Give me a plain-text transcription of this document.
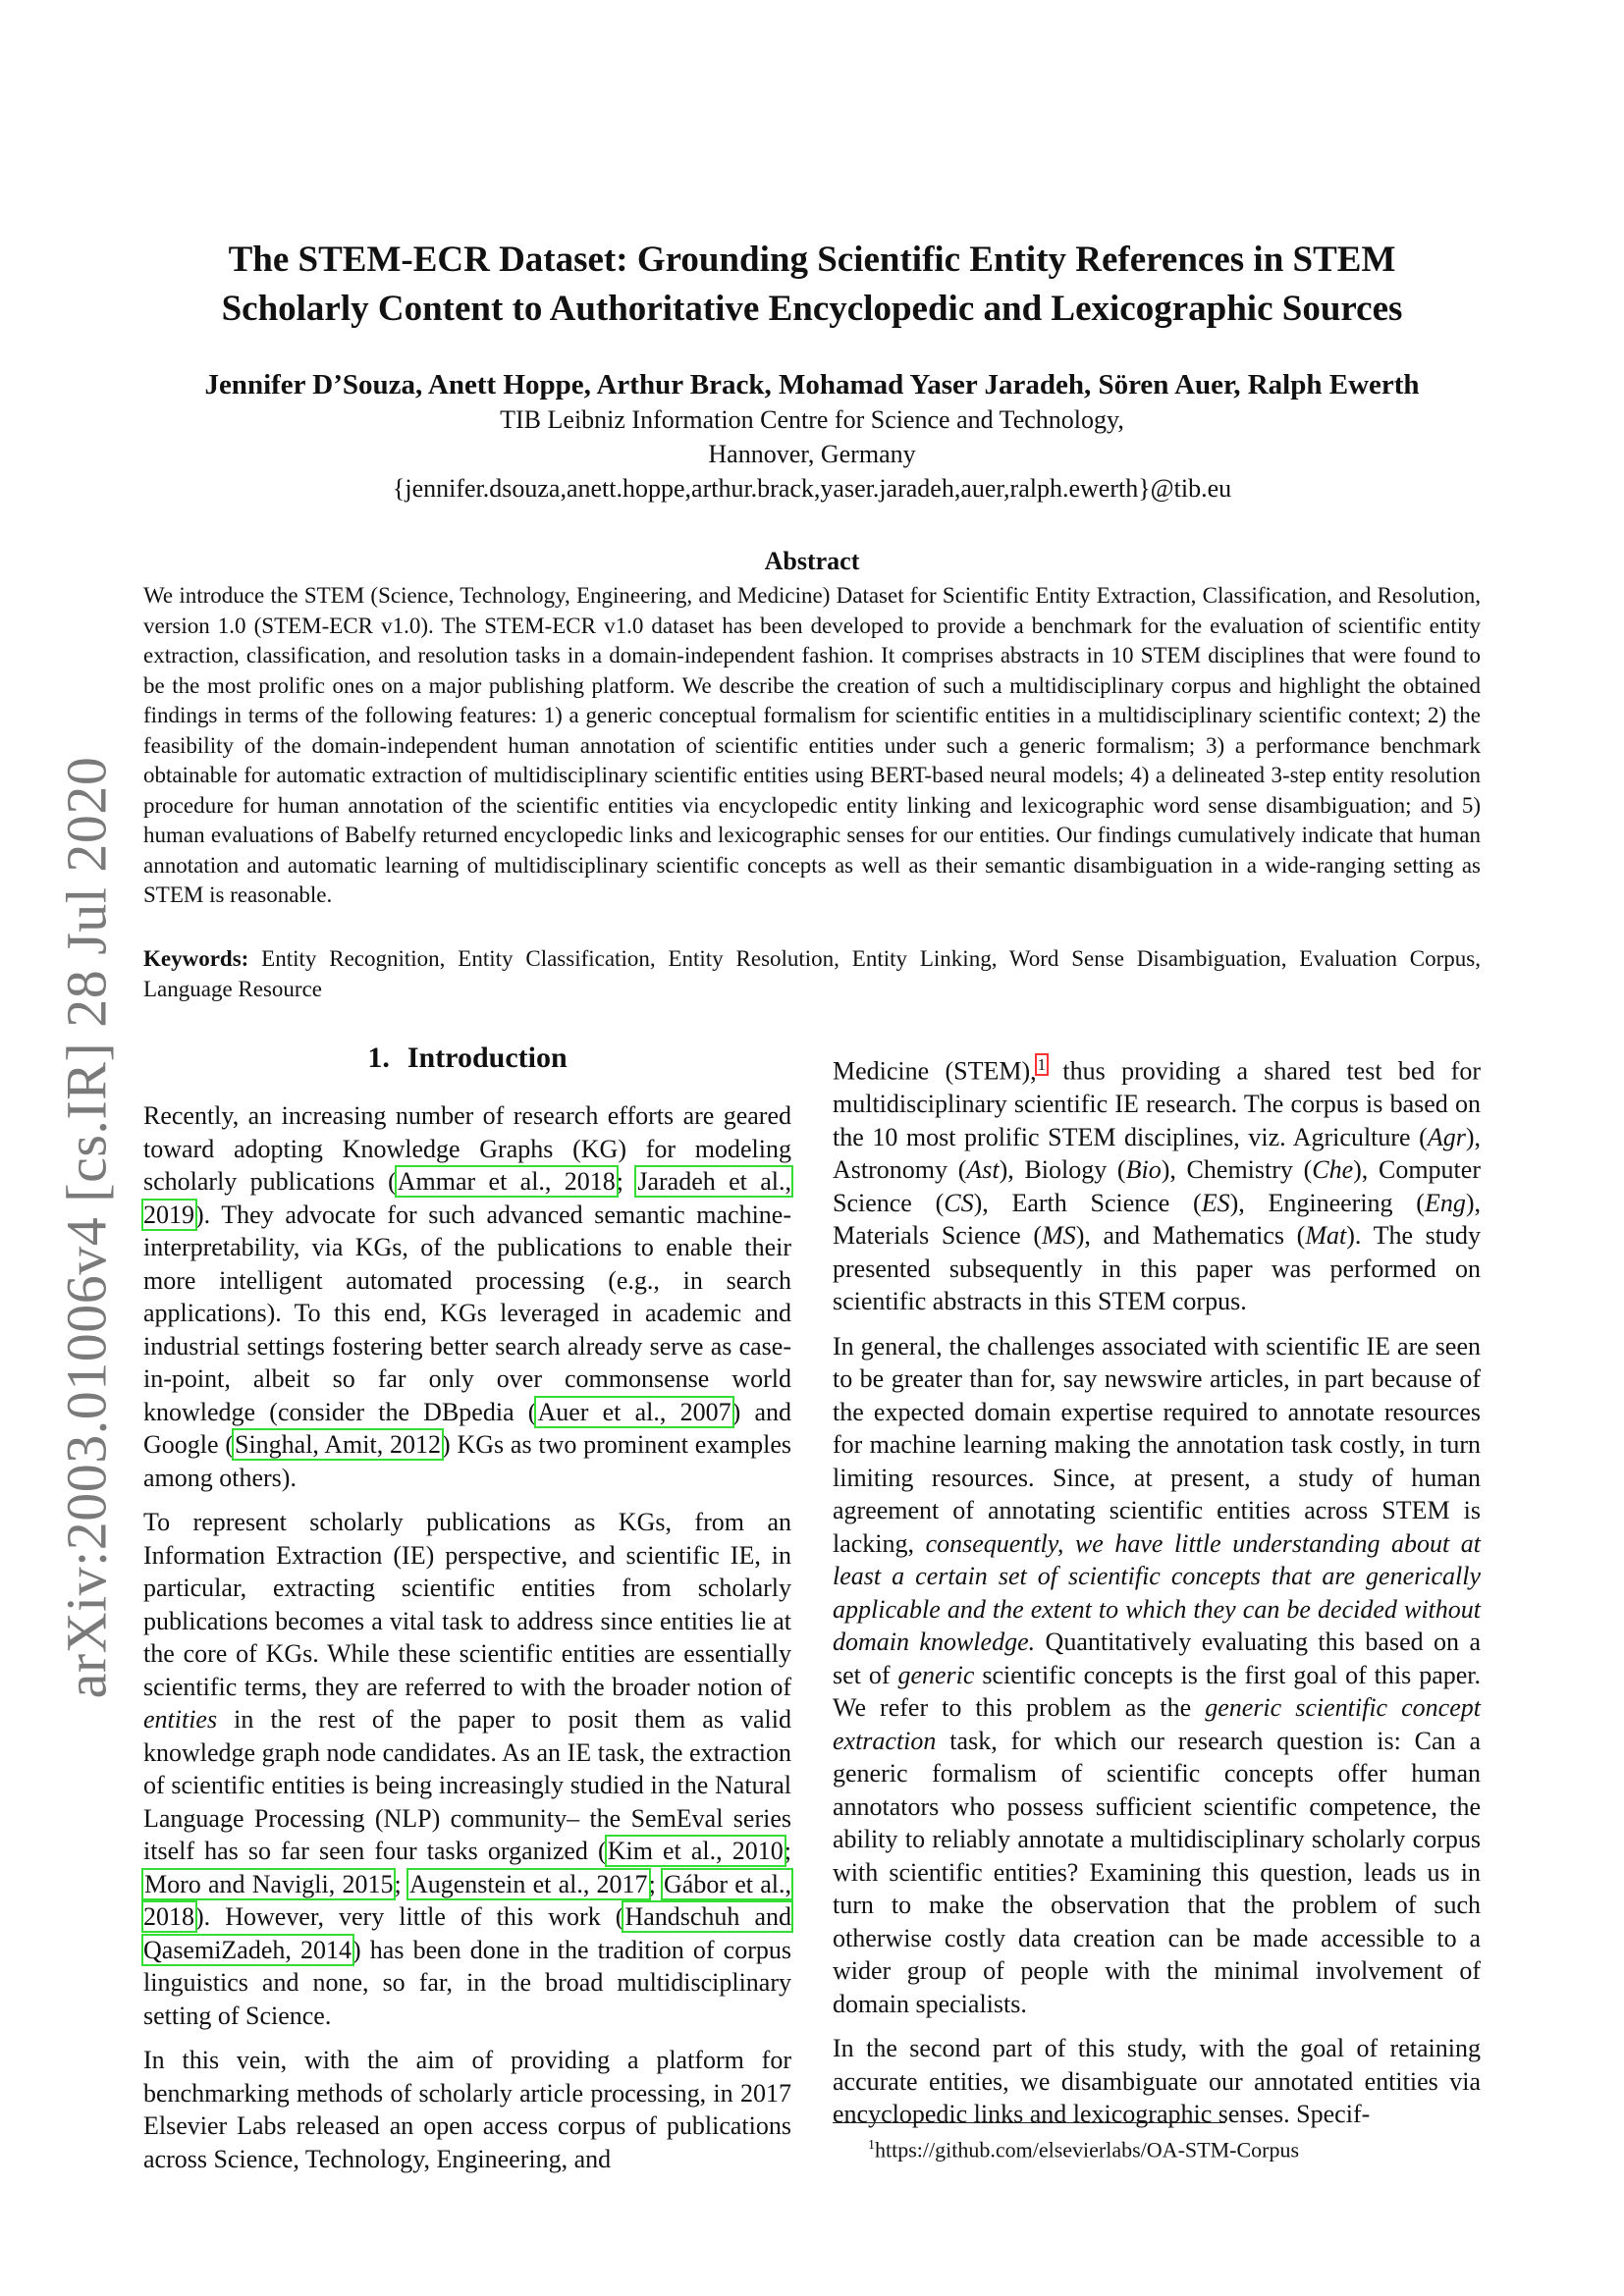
arXiv:2003.01006v4 [cs.IR] 28 Jul 2020
The STEM-ECR Dataset: Grounding Scientific Entity References in STEM
Scholarly Content to Authoritative Encyclopedic and Lexicographic Sources
Jennifer D’Souza, Anett Hoppe, Arthur Brack, Mohamad Yaser Jaradeh, Sören Auer, Ralph Ewerth
TIB Leibniz Information Centre for Science and Technology,
Hannover, Germany
{jennifer.dsouza,anett.hoppe,arthur.brack,yaser.jaradeh,auer,ralph.ewerth}@tib.eu
Abstract

We introduce the STEM (Science, Technology, Engineering, and Medicine) Dataset for Scientific Entity Extraction, Classification, and Resolution, version 1.0 (STEM-ECR v1.0). The STEM-ECR v1.0 dataset has been developed to provide a benchmark for the evaluation of scientific entity extraction, classification, and resolution tasks in a domain-independent fashion. It comprises abstracts in 10 STEM disciplines that were found to be the most prolific ones on a major publishing platform. We describe the creation of such a multidisciplinary corpus and highlight the obtained findings in terms of the following features: 1) a generic conceptual formalism for scientific entities in a multidisciplinary scientific context; 2) the feasibility of the domain-independent human annotation of scientific entities under such a generic formalism; 3) a performance benchmark obtainable for automatic extraction of multidisciplinary scientific entities using BERT-based neural models; 4) a delineated 3-step entity resolution procedure for human annotation of the scientific entities via encyclopedic entity linking and lexicographic word sense disambiguation; and 5) human evaluations of Babelfy returned encyclopedic links and lexicographic senses for our entities. Our findings cumulatively indicate that human annotation and automatic learning of multidisciplinary scientific concepts as well as their semantic disambiguation in a wide-ranging setting as STEM is reasonable.

Keywords: Entity Recognition, Entity Classification, Entity Resolution, Entity Linking, Word Sense Disambiguation, Evaluation Corpus, Language Resource

1. Introduction

Recently, an increasing number of research efforts are geared toward adopting Knowledge Graphs (KG) for modeling scholarly publications (Ammar et al., 2018; Jaradeh et al., 2019). They advocate for such advanced semantic machine-interpretability, via KGs, of the publications to enable their more intelligent automated processing (e.g., in search applications). To this end, KGs leveraged in academic and industrial settings fostering better search already serve as case-in-point, albeit so far only over commonsense world knowledge (consider the DBpedia (Auer et al., 2007) and Google (Singhal, Amit, 2012) KGs as two prominent examples among others).

To represent scholarly publications as KGs, from an Information Extraction (IE) perspective, and scientific IE, in particular, extracting scientific entities from scholarly publications becomes a vital task to address since entities lie at the core of KGs. While these scientific entities are essentially scientific terms, they are referred to with the broader notion of entities in the rest of the paper to posit them as valid knowledge graph node candidates. As an IE task, the extraction of scientific entities is being increasingly studied in the Natural Language Processing (NLP) community– the SemEval series itself has so far seen four tasks organized (Kim et al., 2010; Moro and Navigli, 2015; Augenstein et al., 2017; Gábor et al., 2018). However, very little of this work (Handschuh and QasemiZadeh, 2014) has been done in the tradition of corpus linguistics and none, so far, in the broad multidisciplinary setting of Science.

In this vein, with the aim of providing a platform for benchmarking methods of scholarly article processing, in 2017 Elsevier Labs released an open access corpus of publications across Science, Technology, Engineering, and

Medicine (STEM),$^1$ thus providing a shared test bed for multidisciplinary scientific IE research. The corpus is based on the 10 most prolific STEM disciplines, viz. Agriculture (Agr), Astronomy (Ast), Biology (Bio), Chemistry (Che), Computer Science (CS), Earth Science (ES), Engineering (Eng), Materials Science (MS), and Mathematics (Mat). The study presented subsequently in this paper was performed on scientific abstracts in this STEM corpus.

In general, the challenges associated with scientific IE are seen to be greater than for, say newswire articles, in part because of the expected domain expertise required to annotate resources for machine learning making the annotation task costly, in turn limiting resources. Since, at present, a study of human agreement of annotating scientific entities across STEM is lacking, consequently, we have little understanding about at least a certain set of scientific concepts that are generically applicable and the extent to which they can be decided without domain knowledge. Quantitatively evaluating this based on a set of generic scientific concepts is the first goal of this paper. We refer to this problem as the generic scientific concept extraction task, for which our research question is: Can a generic formalism of scientific concepts offer human annotators who possess sufficient scientific competence, the ability to reliably annotate a multidisciplinary scholarly corpus with scientific entities? Examining this question, leads us in turn to make the observation that the problem of such otherwise costly data creation can be made accessible to a wider group of people with the minimal involvement of domain specialists.

In the second part of this study, with the goal of retaining accurate entities, we disambiguate our annotated entities via encyclopedic links and lexicographic senses. Specif-

$^1$https://github.com/elsevierlabs/OA-STM-Corpus
